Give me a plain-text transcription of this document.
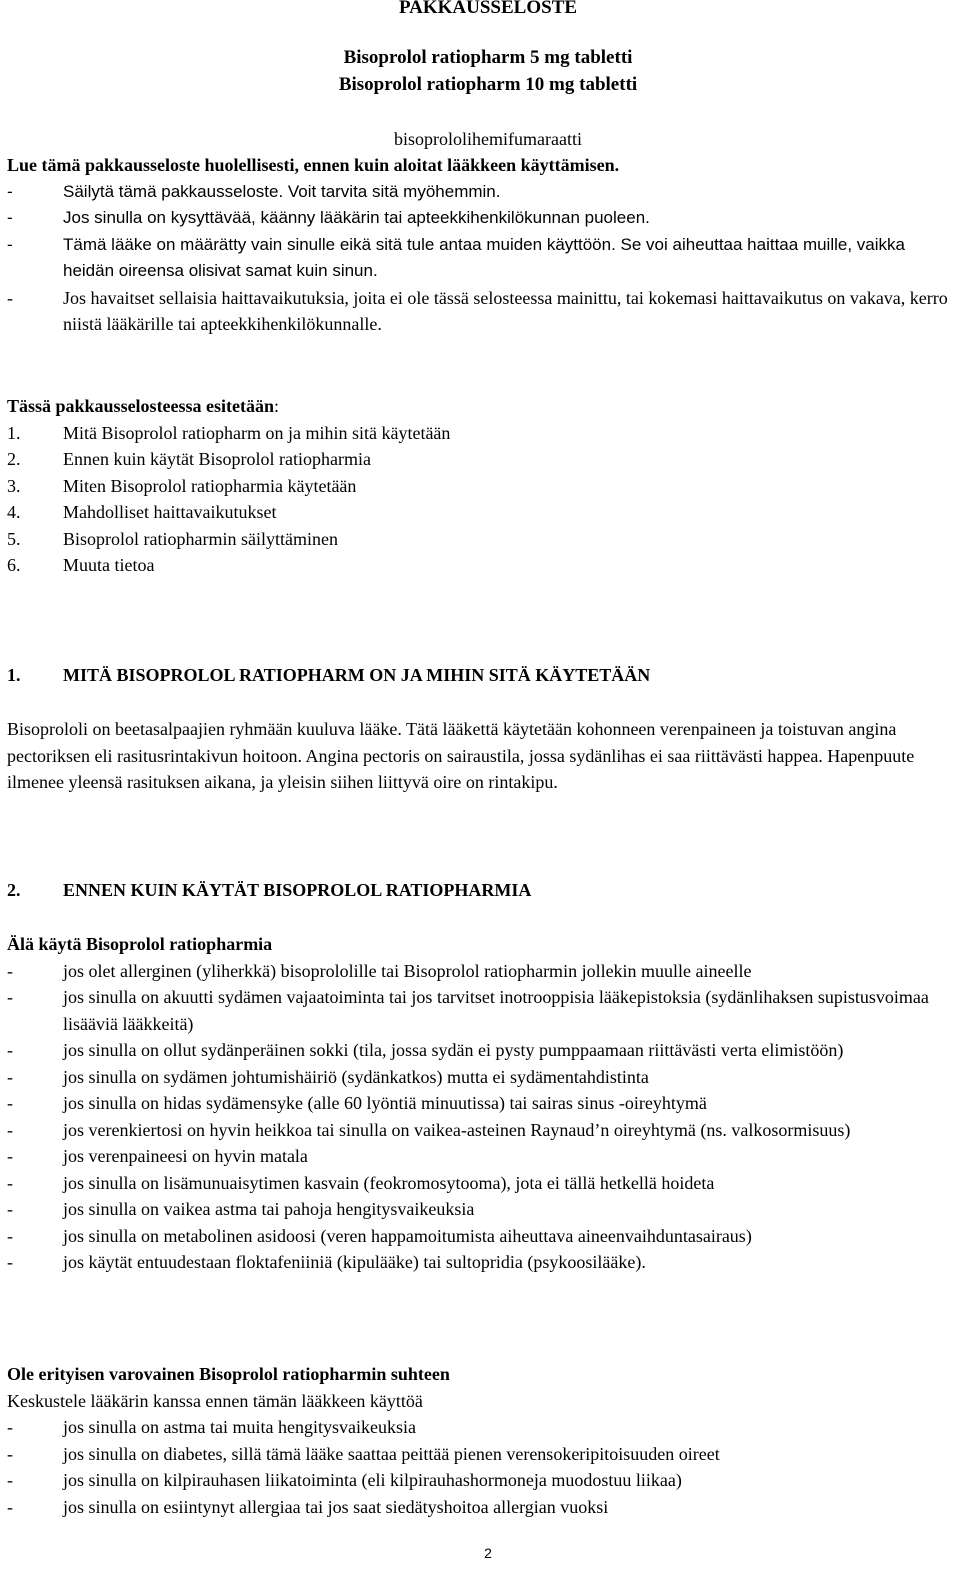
PAKKAUSSELOSTE
Bisoprolol ratiopharm 5 mg tabletti
Bisoprolol ratiopharm 10 mg tabletti
bisoprololihemifumaraatti

Lue tämä pakkausseloste huolellisesti, ennen kuin aloitat lääkkeen käyttämisen.

-	Säilytä tämä pakkausseloste. Voit tarvita sitä myöhemmin.
-	Jos sinulla on kysyttävää, käänny lääkärin tai apteekkihenkilökunnan puoleen.
-	Tämä lääke on määrätty vain sinulle eikä sitä tule antaa muiden käyttöön. Se voi aiheuttaa haittaa muille, vaikka heidän oireensa olisivat samat kuin sinun.
-	Jos havaitset sellaisia haittavaikutuksia, joita ei ole tässä selosteessa mainittu, tai kokemasi haittavaikutus on vakava, kerro niistä lääkärille tai apteekkihenkilökunnalle.

Tässä pakkausselosteessa esitetään:

1. Mitä Bisoprolol ratiopharm on ja mihin sitä käytetään
2. Ennen kuin käytät Bisoprolol ratiopharmia
3. Miten Bisoprolol ratiopharmia käytetään
4. Mahdolliset haittavaikutukset
5. Bisoprolol ratiopharmin säilyttäminen
6. Muuta tietoa
1.	MITÄ BISOPROLOL RATIOPHARM ON JA MIHIN SITÄ KÄYTETÄÄN

Bisoprololi on beetasalpaajien ryhmään kuuluva lääke. Tätä lääkettä käytetään kohonneen verenpaineen ja toistuvan angina pectoriksen eli rasitusrintakivun hoitoon. Angina pectoris on sairaustila, jossa sydänlihas ei saa riittävästi happea. Hapenpuute ilmenee yleensä rasituksen aikana, ja yleisin siihen liittyvä oire on rintakipu.

2.	ENNEN KUIN KÄYTÄT BISOPROLOL RATIOPHARMIA

Älä käytä Bisoprolol ratiopharmia

-	jos olet allerginen (yliherkkä) bisoprololille tai Bisoprolol ratiopharmin jollekin muulle aineelle
-	jos sinulla on akuutti sydämen vajaatoiminta tai jos tarvitset inotrooppisia lääkepistoksia (sydänlihaksen supistusvoimaa lisääviä lääkkeitä)
-	jos sinulla on ollut sydänperäinen sokki (tila, jossa sydän ei pysty pumppaamaan riittävästi verta elimistöön)
-	jos sinulla on sydämen johtumishäiriö (sydänkatkos) mutta ei sydämentahdistinta
-	jos sinulla on hidas sydämensyke (alle 60 lyöntiä minuutissa) tai sairas sinus -oireyhtymä
-	jos verenkiertosi on hyvin heikkoa tai sinulla on vaikea-asteinen Raynaud’n oireyhtymä (ns. valkosormisuus)
-	jos verenpaineesi on hyvin matala
-	jos sinulla on lisämunuaisytimen kasvain (feokromosytooma), jota ei tällä hetkellä hoideta
-	jos sinulla on vaikea astma tai pahoja hengitysvaikeuksia
-	jos sinulla on metabolinen asidoosi (veren happamoitumista aiheuttava aineenvaihduntasairaus)
-	jos käytät entuudestaan floktafeniiniä (kipulääke) tai sultopridia (psykoosilääke).

Ole erityisen varovainen Bisoprolol ratiopharmin suhteen

Keskustele lääkärin kanssa ennen tämän lääkkeen käyttöä

-	jos sinulla on astma tai muita hengitysvaikeuksia
-	jos sinulla on diabetes, sillä tämä lääke saattaa peittää pienen verensokeripitoisuuden oireet
-	jos sinulla on kilpirauhasen liikatoiminta (eli kilpirauhashormoneja muodostuu liikaa)
-	jos sinulla on esiintynyt allergiaa tai jos saat siedätyshoitoa allergian vuoksi
2
